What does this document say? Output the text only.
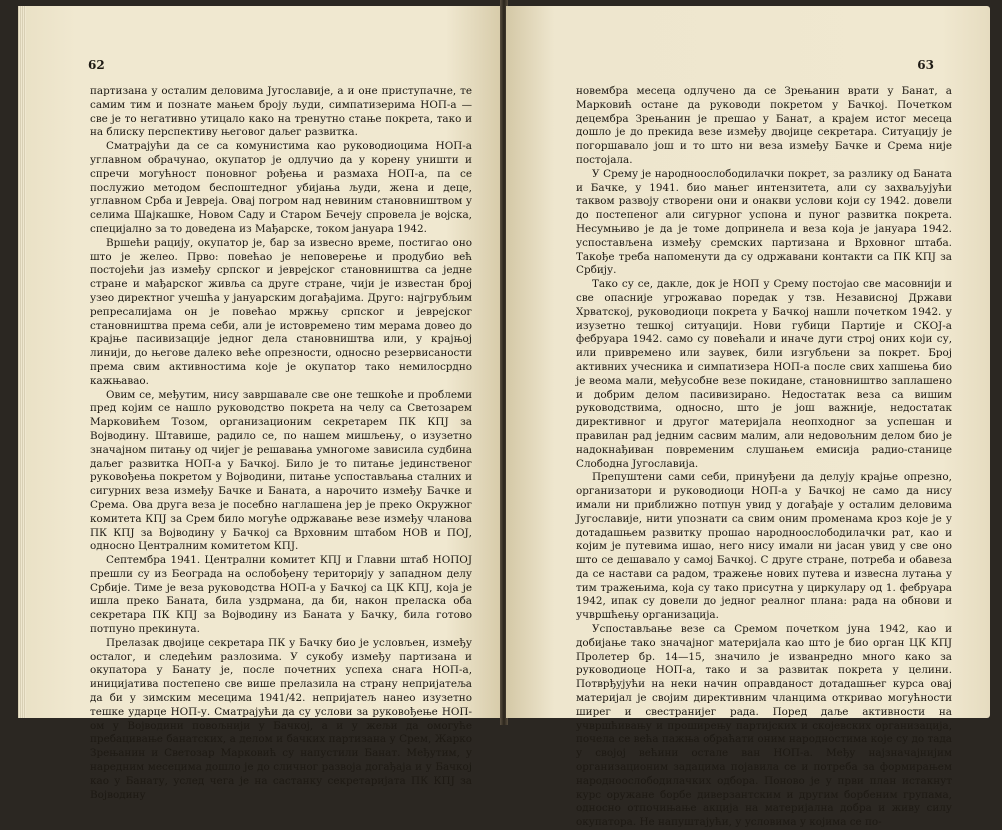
62

партизана у осталим деловима Југославије, а и оне приступачне, те самим тим и познате мањем броју људи, симпатизерима НОП-а — све је то негативно утицало како на тренутно стање покрета, тако и на блиску перспективу његовог даљег развитка.

Сматрајући да се са комунистима као руководиоцима НОП-а углавном обрачунао, окупатор је одлучио да у корену уништи и спречи могућност поновног рођења и размаха НОП-а, па се послужио методом беспоштедног убијања људи, жена и деце, углавном Срба и Јевреја. Овај погром над невиним становништвом у селима Шајкашке, Новом Саду и Старом Бечеју спровела је војска, специјално за то доведена из Мађарске, током јануара 1942.

Вршећи рацију, окупатор је, бар за извесно време, постигао оно што је желео. Прво: повећао је неповерење и продубио већ постојећи јаз између српског и јеврејског становништва са једне стране и мађарског живља са друге стране, чији је известан број узео директног учешћа у јануарским догађајима. Друго: најгрубљим репресалијама он је повећао мржњу српског и јеврејског становништва према себи, али је истовремено тим мерама довео до крајње пасивизације једног дела становништва или, у крајњој линији, до његове далеко веће опрезности, односно резервисаности према свим активностима које је окупатор тако немилосрдно кажњавао.

Овим се, међутим, нису завршавале све оне тешкоће и проблеми пред којим се нашло руководство покрета на челу са Светозарем Марковићем Тозом, организационим секретарем ПК КПЈ за Војводину. Штавише, радило се, по нашем мишљењу, о изузетно значајном питању од чијег је решавања умногоме зависила судбина даљег развитка НОП-а у Бачкој. Било је то питање јединственог руковођења покретом у Војводини, питање успостављања сталних и сигурних веза између Бачке и Баната, а нарочито између Бачке и Срема. Ова друга веза је посебно наглашена јер је преко Окружног комитета КПЈ за Срем било могуће одржавање везе између чланова ПК КПЈ за Војводину у Бачкој са Врховним штабом НОВ и ПОЈ, односно Централним комитетом КПЈ.

Септембра 1941. Централни комитет КПЈ и Главни штаб НОПОЈ прешли су из Београда на ослобођену територију у западном делу Србије. Тиме је веза руководства НОП-а у Бачкој са ЦК КПЈ, која је ишла преко Баната, била уздрмана, да би, након преласка оба секретара ПК КПЈ за Војводину из Баната у Бачку, била готово потпуно прекинута.

Прелазак двојице секретара ПК у Бачку био је условљен, између осталог, и следећим разлозима. У сукобу између партизана и окупатора у Банату је, после почетних успеха снага НОП-а, иницијатива постепено све више прелазила на страну непријатеља да би у зимским месецима 1941/42. непријатељ нанео изузетно тешке ударце НОП-у. Сматрајући да су услови за руковођење НОП-ом у Војводини повољнији у Бачкој, а и у жељи да омогуће пребацивање банатских, а делом и бачких партизана у Срем, Жарко Зрењанин и Светозар Марковић су напустили Банат. Међутим, у наредним месецима дошло је до сличног развоја догађаја и у Бачкој као у Банату, услед чега је на састанку секретаријата ПК КПЈ за Војводину

63

новембра месеца одлучено да се Зрењанин врати у Банат, а Марковић остане да руководи покретом у Бачкој. Почетком децембра Зрењанин је прешао у Банат, а крајем истог месеца дошло је до прекида везе између двојице секретара. Ситуацију је погоршавало још и то што ни веза између Бачке и Срема није постојала.

У Срему је народноослободилачки покрет, за разлику од Баната и Бачке, у 1941. био мањег интензитета, али су захваљујући таквом развоју створени они и онакви услови који су 1942. довели до постепеног али сигурног успона и пуног развитка покрета. Несумњиво је да је томе допринела и веза која је јануара 1942. успостављена између сремских партизана и Врховног штаба. Такође треба напоменути да су одржавани контакти са ПК КПЈ за Србију.

Тако су се, дакле, док је НОП у Срему постојао све масовнији и све опасније угрожавао поредак у тзв. Независној Држави Хрватској, руководиоци покрета у Бачкој нашли почетком 1942. у изузетно тешкој ситуацији. Нови губици Партије и СКОЈ-а фебруара 1942. само су повећали и иначе дуги строј оних који су, или привремено или заувек, били изгубљени за покрет. Број активних учесника и симпатизера НОП-а после свих хапшења био је веома мали, међусобне везе покидане, становништво заплашено и добрим делом пасивизирано. Недостатак веза са вишим руководствима, односно, што је још важније, недостатак директивног и другог материјала неопходног за успешан и правилан рад једним сасвим малим, али недовољним делом био је надокнађиван повременим слушањем емисија радио-станице Слободна Југославија.

Препуштени сами себи, принуђени да делују крајње опрезно, организатори и руководиоци НОП-а у Бачкој не само да нису имали ни приближно потпун увид у догађаје у осталим деловима Југославије, нити упознати са свим оним променама кроз које је у дотадашњем развитку прошао народноослободилачки рат, као и којим је путевима ишао, него нису имали ни јасан увид у све оно што се дешавало у самој Бачкој. С друге стране, потреба и обавеза да се настави са радом, тражење нових путева и извесна лутања у тим тражењима, која су тако присутна у циркулару од 1. фебруара 1942, ипак су довели до једног реалног плана: рада на обнови и учвршћењу организација.

Успостављање везе са Сремом почетком јуна 1942, као и добијање тако значајног материјала као што је био орган ЦК КПЈ Пролетер бр. 14—15, значило је изванредно много како за руководиоце НОП-а, тако и за развитак покрета у целини. Потврђујући на неки начин оправданост дотадашњег курса овај материјал је својим директивним чланцима откривао могућности ширег и свестранијег рада. Поред даље активности на учвршћивању и проширењу партијских и скојевских организација, почела се већа пажња обраћати оним народностима које су до тада у својој већини остале ван НОП-а. Међу најзначајнијим организационим задацима појавила се и потреба за формирањем народноослободилачких одбора. Поново је у први план истакнут курс оружане борбе диверзантским и другим борбеним групама, односно отпочињање акција на материјална добра и живу силу окупатора. Не напуштајући, у условима у којима се по-
